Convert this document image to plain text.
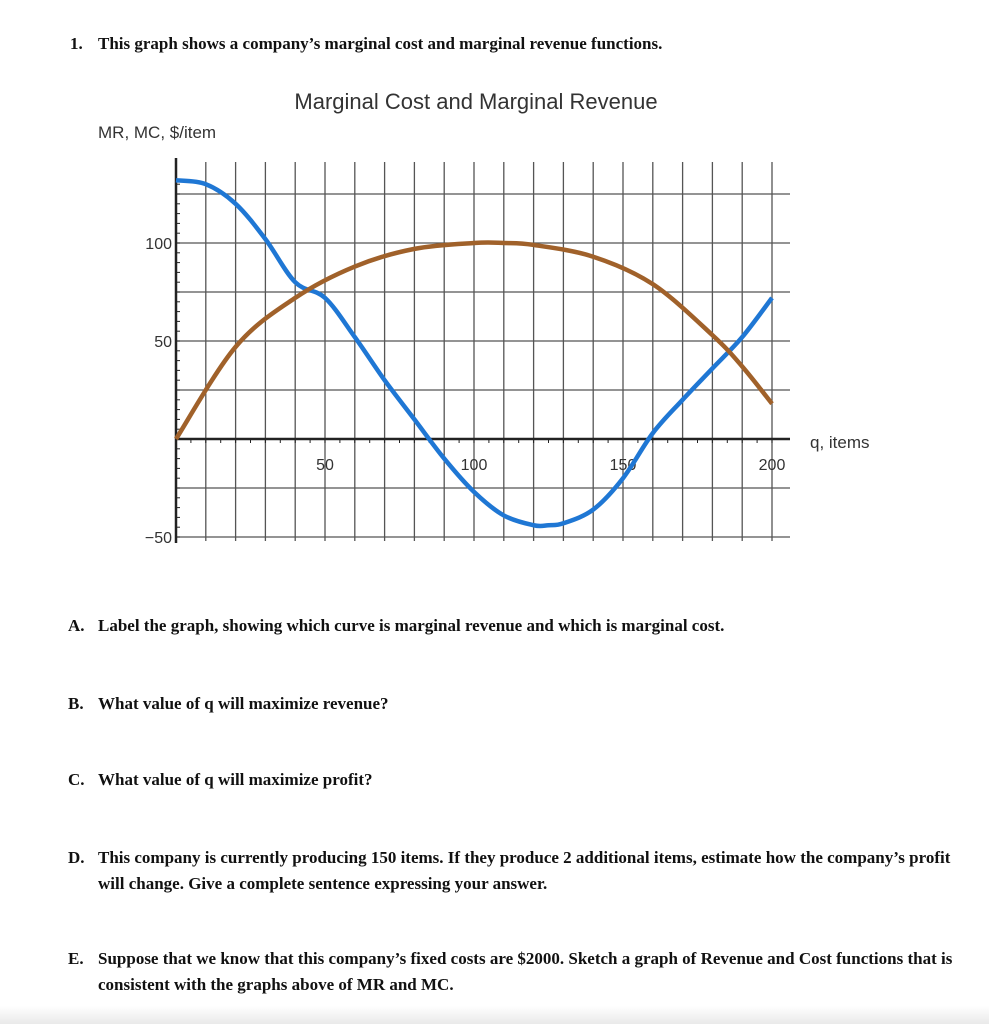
1. This graph shows a company’s marginal cost and marginal revenue functions.
Marginal Cost and Marginal Revenue
MR, MC, $/item
q, items
50	100	150	200
100
50
−50
A. Label the graph, showing which curve is marginal revenue and which is marginal cost.
B. What value of q will maximize revenue?
C. What value of q will maximize profit?
D. This company is currently producing 150 items. If they produce 2 additional items, estimate how the company’s profit will change. Give a complete sentence expressing your answer.
E. Suppose that we know that this company’s fixed costs are $2000. Sketch a graph of Revenue and Cost functions that is consistent with the graphs above of MR and MC.
